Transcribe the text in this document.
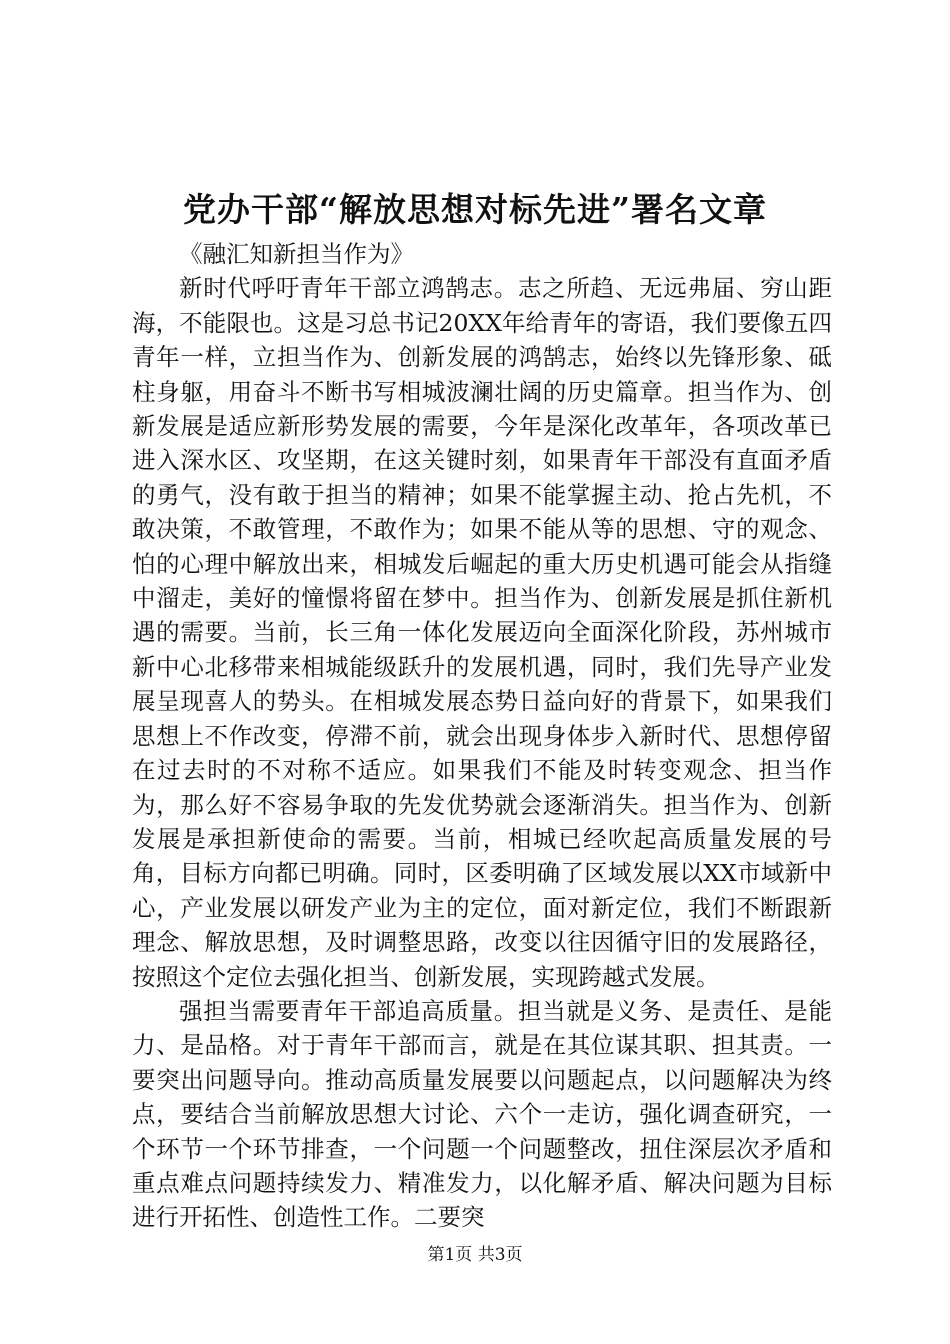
党办干部“解放思想对标先进”署名文章

《融汇知新担当作为》

新时代呼吁青年干部立鸿鹄志。志之所趋、无远弗届、穷山距海，不能限也。这是习总书记20XX年给青年的寄语，我们要像五四青年一样，立担当作为、创新发展的鸿鹄志，始终以先锋形象、砥柱身躯，用奋斗不断书写相城波澜壮阔的历史篇章。担当作为、创新发展是适应新形势发展的需要，今年是深化改革年，各项改革已进入深水区、攻坚期，在这关键时刻，如果青年干部没有直面矛盾的勇气，没有敢于担当的精神；如果不能掌握主动、抢占先机，不敢决策，不敢管理，不敢作为；如果不能从等的思想、守的观念、怕的心理中解放出来，相城发后崛起的重大历史机遇可能会从指缝中溜走，美好的憧憬将留在梦中。担当作为、创新发展是抓住新机遇的需要。当前，长三角一体化发展迈向全面深化阶段，苏州城市新中心北移带来相城能级跃升的发展机遇，同时，我们先导产业发展呈现喜人的势头。在相城发展态势日益向好的背景下，如果我们思想上不作改变，停滞不前，就会出现身体步入新时代、思想停留在过去时的不对称不适应。如果我们不能及时转变观念、担当作为，那么好不容易争取的先发优势就会逐渐消失。担当作为、创新发展是承担新使命的需要。当前，相城已经吹起高质量发展的号角，目标方向都已明确。同时，区委明确了区域发展以XX市域新中心，产业发展以研发产业为主的定位，面对新定位，我们不断跟新理念、解放思想，及时调整思路，改变以往因循守旧的发展路径，按照这个定位去强化担当、创新发展，实现跨越式发展。

强担当需要青年干部追高质量。担当就是义务、是责任、是能力、是品格。对于青年干部而言，就是在其位谋其职、担其责。一要突出问题导向。推动高质量发展要以问题起点，以问题解决为终点，要结合当前解放思想大讨论、六个一走访，强化调查研究，一个环节一个环节排查，一个问题一个问题整改，扭住深层次矛盾和重点难点问题持续发力、精准发力，以化解矛盾、解决问题为目标进行开拓性、创造性工作。二要突

第1页 共3页
